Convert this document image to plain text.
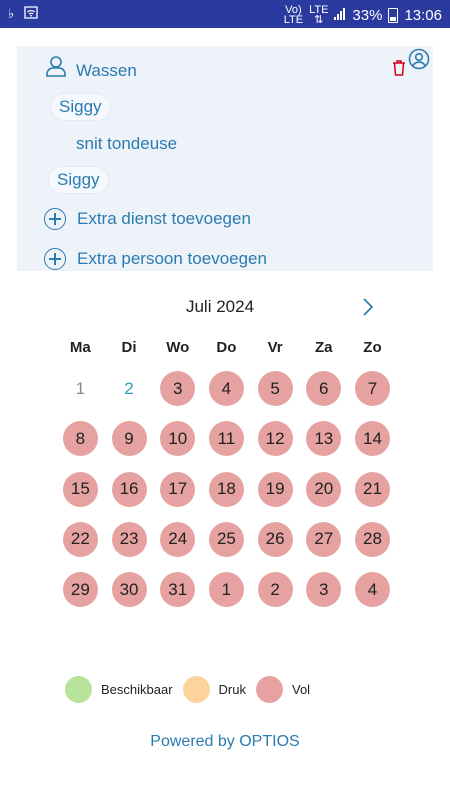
♭	Vo)
LTE
LTE
⇅	33% 13:06
Wassen
Siggy
snit tondeuse
Siggy
Extra dienst toevoegen
Extra persoon toevoegen
Juli 2024
Ma	Di	Wo	Do	Vr	Za	Zo
1	2	3	4	5	6	7
8	9	10	11	12	13	14
15	16	17	18	19	20	21
22	23	24	25	26	27	28
29	30	31	1	2	3	4
Beschikbaar	Druk	Vol
Powered by OPTIOS
